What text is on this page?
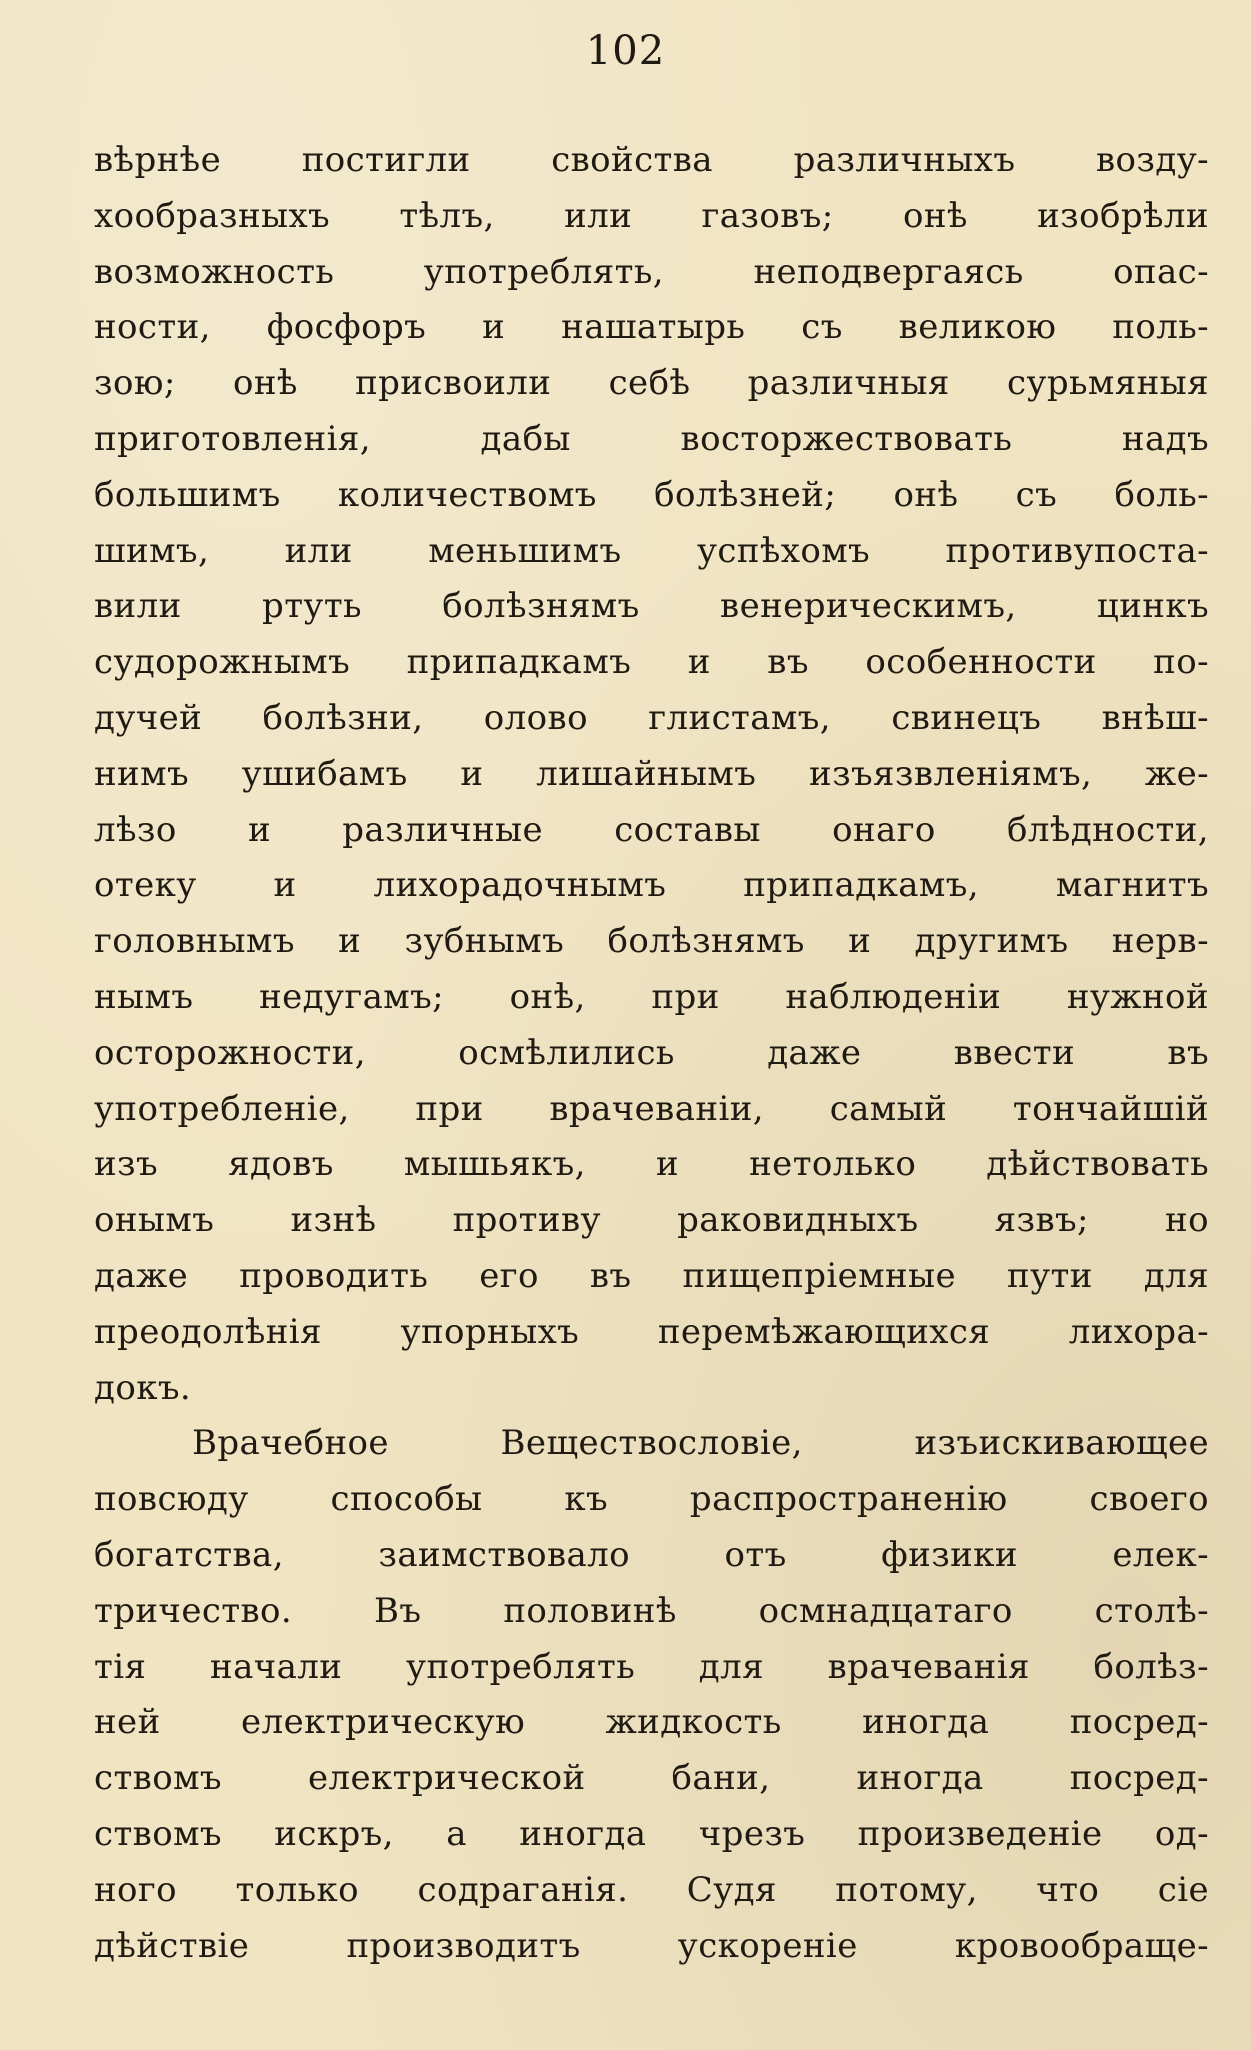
102
вѣрнѣе постигли свойства различныхъ возду-
хообразныхъ тѣлъ, или газовъ; онѣ изобрѣли
возможность употреблять, неподвергаясь опас-
ности, фосфоръ и нашатырь съ великою поль-
зою; онѣ присвоили себѣ различныя сурьмяныя
приготовленія, дабы восторжествовать надъ
большимъ количествомъ болѣзней; онѣ съ боль-
шимъ, или меньшимъ успѣхомъ противупоста-
вили ртуть болѣзнямъ венерическимъ, цинкъ
судорожнымъ припадкамъ и въ особенности по-
дучей болѣзни, олово глистамъ, свинецъ внѣш-
нимъ ушибамъ и лишайнымъ изъязвленіямъ, же-
лѣзо и различные составы онаго блѣдности,
отеку и лихорадочнымъ припадкамъ, магнитъ
головнымъ и зубнымъ болѣзнямъ и другимъ нерв-
нымъ недугамъ; онѣ, при наблюденіи нужной
осторожности, осмѣлились даже ввести въ
употребленіе, при врачеваніи, самый тончайшій
изъ ядовъ мышьякъ, и нетолько дѣйствовать
онымъ изнѣ противу раковидныхъ язвъ; но
даже проводить его въ пищепріемные пути для
преодолѣнія упорныхъ перемѣжающихся лихора-
докъ.
Врачебное Веществословіе, изъискивающее
повсюду способы къ распространенію своего
богатства, заимствовало отъ физики елек-
тричество. Въ половинѣ осмнадцатаго столѣ-
тія начали употреблять для врачеванія болѣз-
ней електрическую жидкость иногда посред-
ствомъ електрической бани, иногда посред-
ствомъ искръ, а иногда чрезъ произведеніе од-
ного только содраганія. Судя потому, что сіе
дѣйствіе производитъ ускореніе кровообраще-
